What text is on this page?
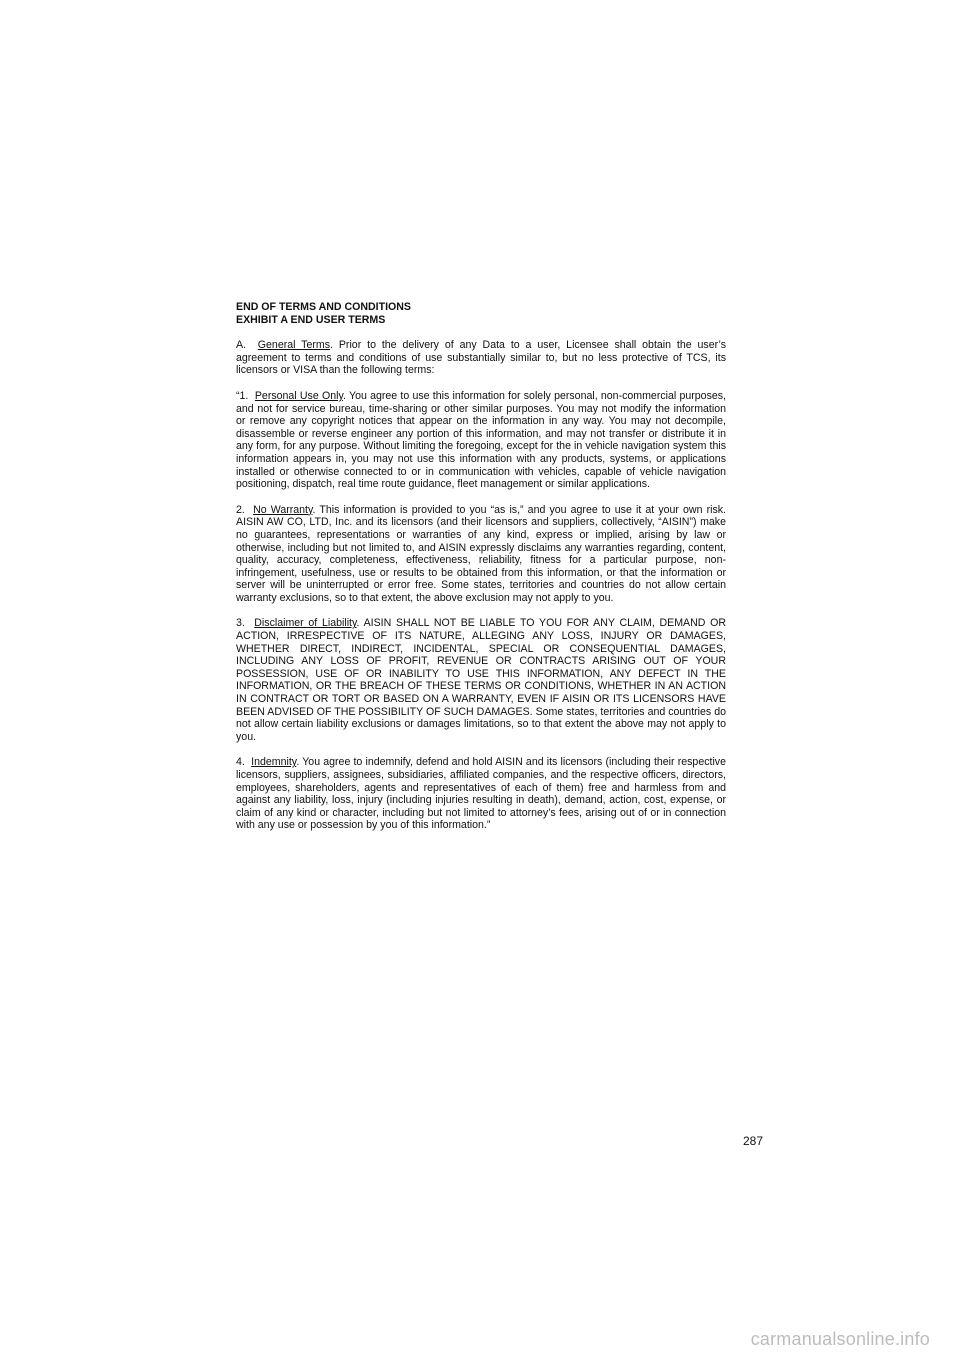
END OF TERMS AND CONDITIONS

EXHIBIT A END USER TERMS

A. General Terms. Prior to the delivery of any Data to a user, Licensee shall obtain the user’s agreement to terms and conditions of use substantially similar to, but no less protective of TCS, its licensors or VISA than the following terms:

“1. Personal Use Only. You agree to use this information for solely personal, non-commercial purposes, and not for service bureau, time-sharing or other similar purposes. You may not modify the information or remove any copyright notices that appear on the information in any way. You may not decompile, disassemble or reverse engineer any portion of this information, and may not transfer or distribute it in any form, for any purpose. Without limiting the foregoing, except for the in vehicle navigation system this information appears in, you may not use this information with any products, systems, or applications installed or otherwise connected to or in communication with vehicles, capable of vehicle navigation positioning, dispatch, real time route guidance, fleet management or similar applications.

2. No Warranty. This information is provided to you “as is,” and you agree to use it at your own risk. AISIN AW CO, LTD, Inc. and its licensors (and their licensors and suppliers, collectively, “AISIN”) make no guarantees, representations or warranties of any kind, express or implied, arising by law or otherwise, including but not limited to, and AISIN expressly disclaims any warranties regarding, content, quality, accuracy, completeness, effectiveness, reliability, fitness for a particular purpose, non-infringement, usefulness, use or results to be obtained from this information, or that the information or server will be uninterrupted or error free. Some states, territories and countries do not allow certain warranty exclusions, so to that extent, the above exclusion may not apply to you.

3. Disclaimer of Liability. AISIN SHALL NOT BE LIABLE TO YOU FOR ANY CLAIM, DEMAND OR ACTION, IRRESPECTIVE OF ITS NATURE, ALLEGING ANY LOSS, INJURY OR DAMAGES, WHETHER DIRECT, INDIRECT, INCIDENTAL, SPECIAL OR CONSEQUENTIAL DAMAGES, INCLUDING ANY LOSS OF PROFIT, REVENUE OR CONTRACTS ARISING OUT OF YOUR POSSESSION, USE OF OR INABILITY TO USE THIS INFORMATION, ANY DEFECT IN THE INFORMATION, OR THE BREACH OF THESE TERMS OR CONDITIONS, WHETHER IN AN ACTION IN CONTRACT OR TORT OR BASED ON A WARRANTY, EVEN IF AISIN OR ITS LICENSORS HAVE BEEN ADVISED OF THE POSSIBILITY OF SUCH DAMAGES. Some states, territories and countries do not allow certain liability exclusions or damages limitations, so to that extent the above may not apply to you.

4. Indemnity. You agree to indemnify, defend and hold AISIN and its licensors (including their respective licensors, suppliers, assignees, subsidiaries, affiliated companies, and the respective officers, directors, employees, shareholders, agents and representatives of each of them) free and harmless from and against any liability, loss, injury (including injuries resulting in death), demand, action, cost, expense, or claim of any kind or character, including but not limited to attorney’s fees, arising out of or in connection with any use or possession by you of this information.”

287
carmanualsonline.info
